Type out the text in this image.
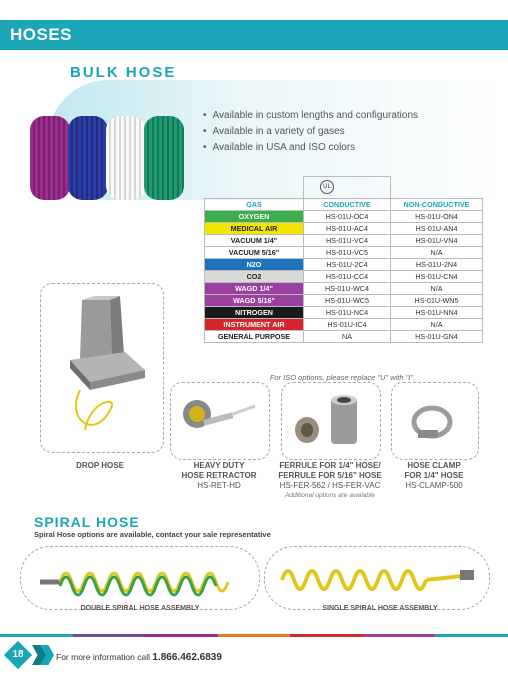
HOSES
BULK HOSE
• Available in custom lengths and configurations
• Available in a variety of gases
• Available in USA and ISO colors
UL
GAS	CONDUCTIVE	NON-CONDUCTIVE
OXYGEN	HS-01U-OC4	HS-01U-ON4
MEDICAL AIR	HS-01U-AC4	HS-01U-AN4
VACUUM 1/4"	HS-01U-VC4	HS-01U-VN4
VACUUM 5/16"	HS-01U-VC5	N/A
N2O	HS-01U-2C4	HS-01U-2N4
CO2	HS-01U-CC4	HS-01U-CN4
WAGD 1/4"	HS-01U-WC4	N/A
WAGD 5/16"	HS-01U-WC5	HS-01U-WN5
NITROGEN	HS-01U-NC4	HS-01U-NN4
INSTRUMENT AIR	HS-01U-IC4	N/A
GENERAL PURPOSE	NA	HS-01U-GN4
For ISO options, please replace "U" with "I".
DROP HOSE	HEAVY DUTY
HOSE RETRACTOR
HS-RET-HD
FERRULE FOR 1/4" HOSE/
FERRULE FOR 5/16" HOSE
HS-FER-562 / HS-FER-VAC
Additional options are available
HOSE CLAMP
FOR 1/4" HOSE
HS-CLAMP-500
SPIRAL HOSE
Spiral Hose options are available, contact your sale representative
DOUBLE SPIRAL HOSE ASSEMBLY	SINGLE SPIRAL HOSE ASSEMBLY
18	For more information call 1.866.462.6839
